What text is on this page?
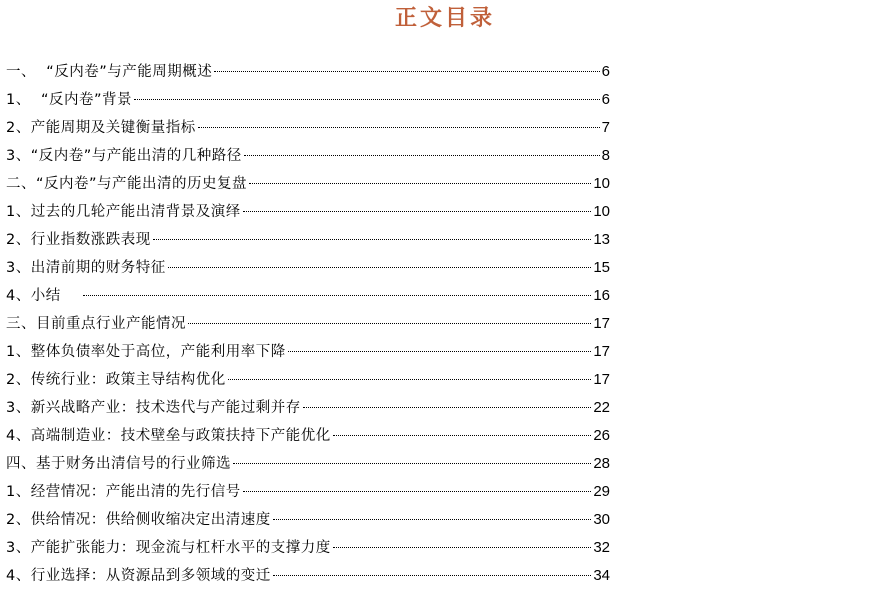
正文目录
一、  “反内卷”与产能周期概述	6
1、  “反内卷”背景	6
2、产能周期及关键衡量指标	7
3、“反内卷”与产能出清的几种路径	8
二、“反内卷”与产能出清的历史复盘	10
1、过去的几轮产能出清背景及演绎	10
2、行业指数涨跌表现	13
3、出清前期的财务特征	15
4、小结	16
三、目前重点行业产能情况	17
1、整体负债率处于高位，产能利用率下降	17
2、传统行业：政策主导结构优化	17
3、新兴战略产业：技术迭代与产能过剩并存	22
4、高端制造业：技术壁垒与政策扶持下产能优化	26
四、基于财务出清信号的行业筛选	28
1、经营情况：产能出清的先行信号	29
2、供给情况：供给侧收缩决定出清速度	30
3、产能扩张能力：现金流与杠杆水平的支撑力度	32
4、行业选择：从资源品到多领域的变迁	34
